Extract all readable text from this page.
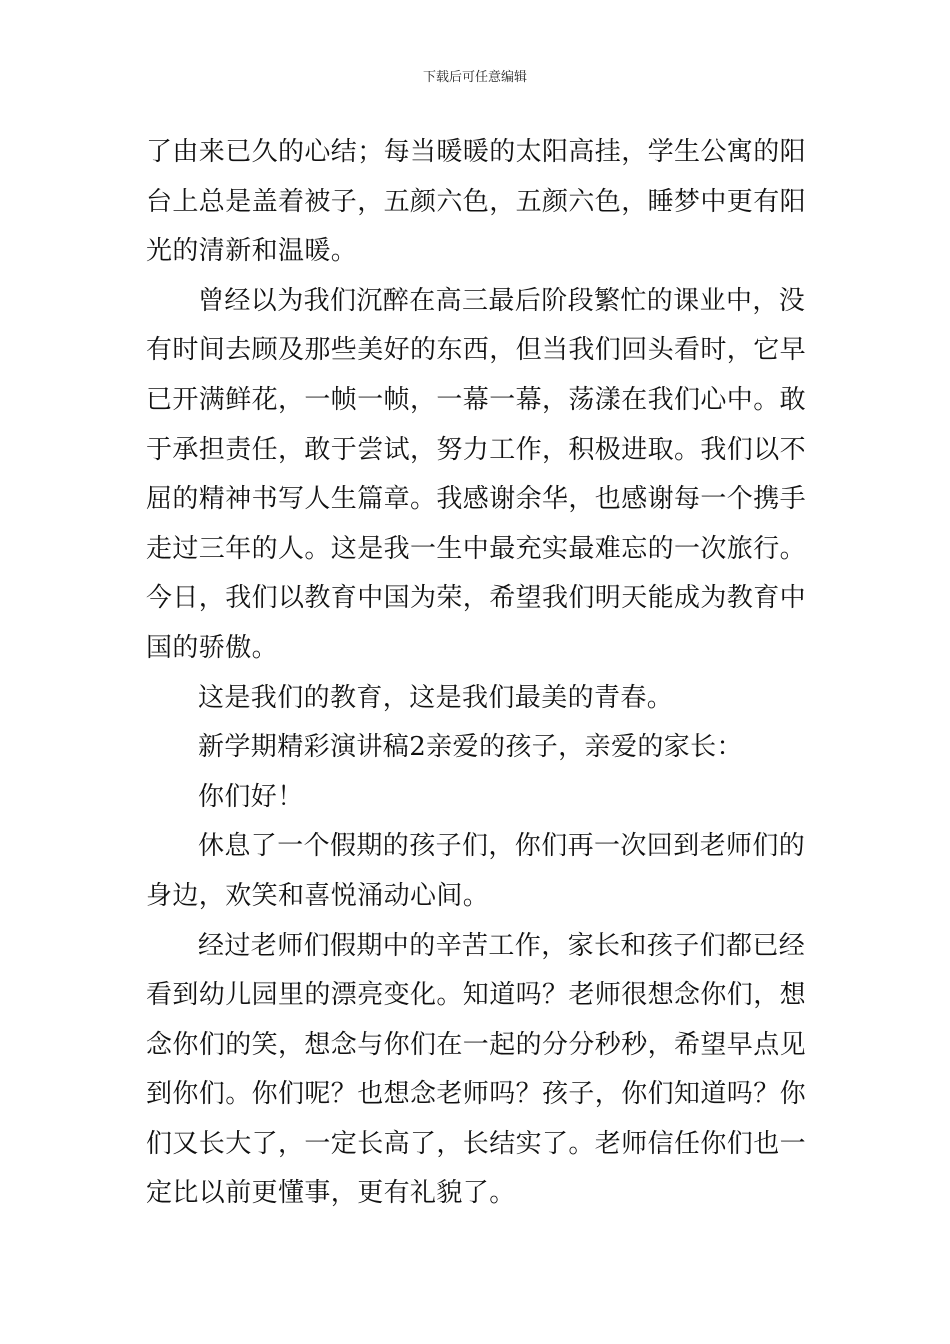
下载后可任意编辑
了由来已久的心结；每当暖暖的太阳高挂，学生公寓的阳
台上总是盖着被子，五颜六色，五颜六色，睡梦中更有阳
光的清新和温暖。
曾经以为我们沉醉在高三最后阶段繁忙的课业中，没
有时间去顾及那些美好的东西，但当我们回头看时，它早
已开满鲜花，一帧一帧，一幕一幕，荡漾在我们心中。敢
于承担责任，敢于尝试，努力工作，积极进取。我们以不
屈的精神书写人生篇章。我感谢余华，也感谢每一个携手
走过三年的人。这是我一生中最充实最难忘的一次旅行。
今日，我们以教育中国为荣，希望我们明天能成为教育中
国的骄傲。
这是我们的教育，这是我们最美的青春。
新学期精彩演讲稿2亲爱的孩子，亲爱的家长：
你们好！
休息了一个假期的孩子们，你们再一次回到老师们的
身边，欢笑和喜悦涌动心间。
经过老师们假期中的辛苦工作，家长和孩子们都已经
看到幼儿园里的漂亮变化。知道吗？老师很想念你们，想
念你们的笑，想念与你们在一起的分分秒秒，希望早点见
到你们。你们呢？也想念老师吗？孩子，你们知道吗？你
们又长大了，一定长高了，长结实了。老师信任你们也一
定比以前更懂事，更有礼貌了。
